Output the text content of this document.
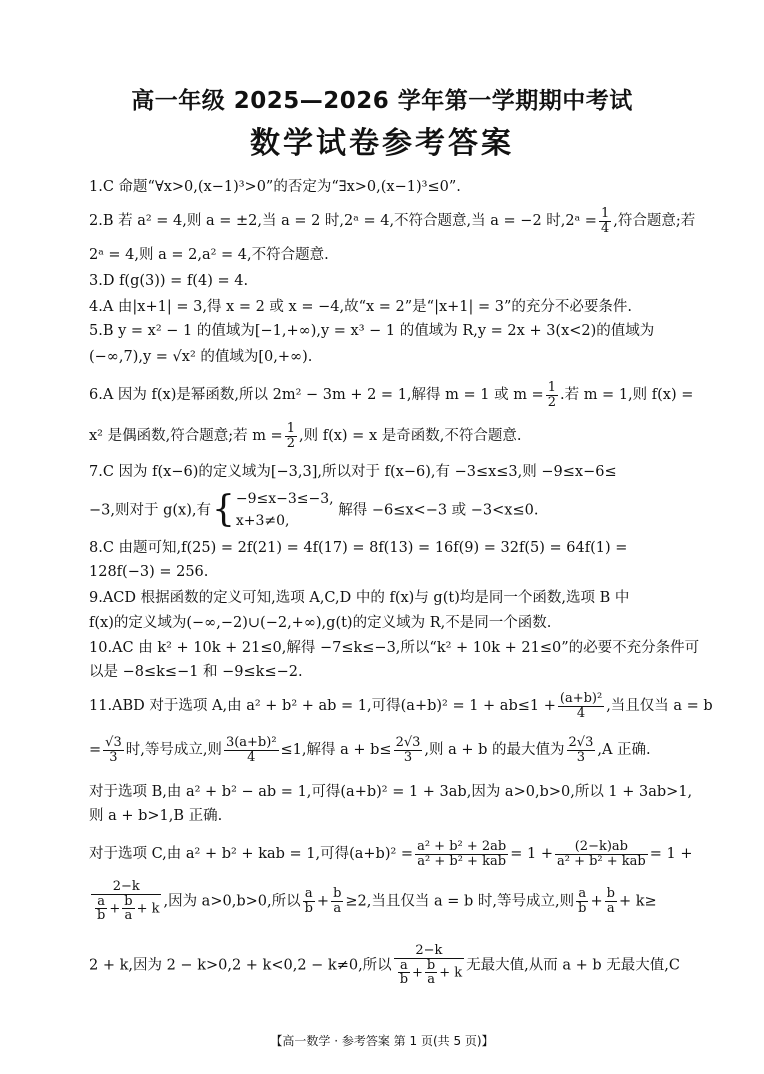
高一年级 2025—2026 学年第一学期期中考试
数学试卷参考答案
1.C 命题“∀x>0,(x−1)³>0”的否定为“∃x>0,(x−1)³≤0”.
2.B 若 a² = 4,则 a = ±2,当 a = 2 时,2ᵃ = 4,不符合题意,当 a = −2 时,2ᵃ = $\frac{1}{4}$ ,符合题意;若
2ᵃ = 4,则 a = 2,a² = 4,不符合题意.
3.D f(g(3)) = f(4) = 4.
4.A 由|x+1| = 3,得 x = 2 或 x = −4,故“x = 2”是“|x+1| = 3”的充分不必要条件.
5.B y = x² − 1 的值域为[−1,+∞),y = x³ − 1 的值域为 R,y = 2x + 3(x<2)的值域为
(−∞,7),y = √x² 的值域为[0,+∞).
6.A 因为 f(x)是幂函数,所以 2m² − 3m + 2 = 1,解得 m = 1 或 $m = \frac{1}{2}$ .若 m = 1,则 f(x) =
x² 是偶函数,符合题意;若 $m = \frac{1}{2}$ ,则 f(x) = x 是奇函数,不符合题意.
7.C 因为 f(x−6)的定义域为[−3,3],所以对于 f(x−6),有 −3≤x≤3,则 −9≤x−6≤
−3,则对于 g(x),有{ −9≤x−3≤−3,
x+3≠0,
解得 −6≤x<−3 或 −3<x≤0.
8.C 由题可知,f(25) = 2f(21) = 4f(17) = 8f(13) = 16f(9) = 32f(5) = 64f(1) =
128f(−3) = 256.
9.ACD 根据函数的定义可知,选项 A,C,D 中的 f(x)与 g(t)均是同一个函数,选项 B 中
f(x)的定义域为(−∞,−2)∪(−2,+∞),g(t)的定义域为 R,不是同一个函数.
10.AC 由 k² + 10k + 21≤0,解得 −7≤k≤−3,所以“k² + 10k + 21≤0”的必要不充分条件可
以是 −8≤k≤−1 和 −9≤k≤−2.
11.ABD 对于选项 A,由 a² + b² + ab = 1,可得$(a+b)^2 = 1 + ab\le 1 + \frac{\text{(a+b)²}}{4}$ ,当且仅当 a = b
= $\frac{√3}{3}$ 时,等号成立,则 $\frac{\text{3(a+b)²}}{4} \le 1$,解得 $a + b\le \frac{2√3}{3}$ ,则 a + b 的最大值为 $\frac{2√3}{3} ,A$ 正确.
对于选项 B,由 a² + b² − ab = 1,可得(a+b)² = 1 + 3ab,因为 a>0,b>0,所以 1 + 3ab>1,
则 a + b>1,B 正确.
对于选项 C,由 a² + b² + kab = 1,可得$(a+b)^2 = \frac{\text{a² + b² + 2ab}}{\text{a² + b² + kab}} = 1 + \frac{(2-k)ab}{\text{a² + b² + kab}} = 1$ +
$\frac{2-k}{\frac{a}{b} + \frac{b}{a} + k}$ ,因为 a>0,b>0,所以 $\frac{a}{b} + \frac{b}{a} \ge 2$,当且仅当 a = b 时,等号成立,则 $\frac{a}{b} + \frac{b}{a} + k\ge$
2 + k,因为 2 − k>0,2 + k<0,2 − k≠0,所以 $\frac{2-k}{\frac{a}{b} + \frac{b}{a} + k}$ 无最大值,从而 a + b 无最大值,C
【高一数学 · 参考答案 第 1 页(共 5 页)】
